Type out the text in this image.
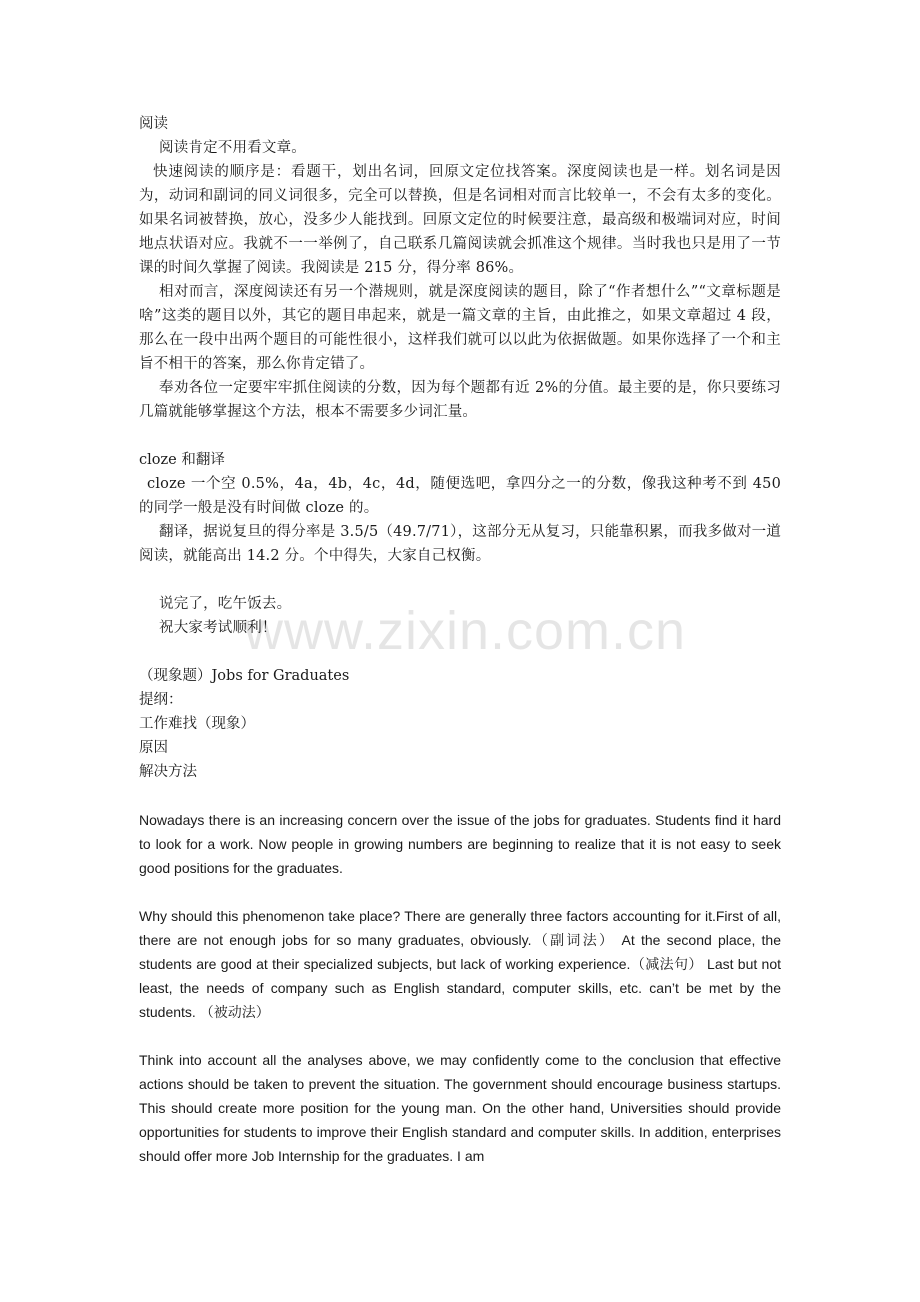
阅读

阅读肯定不用看文章。

快速阅读的顺序是：看题干，划出名词，回原文定位找答案。深度阅读也是一样。划名词是因为，动词和副词的同义词很多，完全可以替换，但是名词相对而言比较单一，不会有太多的变化。如果名词被替换，放心，没多少人能找到。回原文定位的时候要注意，最高级和极端词对应，时间地点状语对应。我就不一一举例了，自己联系几篇阅读就会抓准这个规律。当时我也只是用了一节课的时间久掌握了阅读。我阅读是 215 分，得分率 86%。

相对而言，深度阅读还有另一个潜规则，就是深度阅读的题目，除了“作者想什么”“文章标题是啥”这类的题目以外，其它的题目串起来，就是一篇文章的主旨，由此推之，如果文章超过 4 段，那么在一段中出两个题目的可能性很小，这样我们就可以以此为依据做题。如果你选择了一个和主旨不相干的答案，那么你肯定错了。

奉劝各位一定要牢牢抓住阅读的分数，因为每个题都有近 2%的分值。最主要的是，你只要练习几篇就能够掌握这个方法，根本不需要多少词汇量。

cloze 和翻译

cloze 一个空 0.5%，4a，4b，4c，4d，随便选吧，拿四分之一的分数，像我这种考不到 450 的同学一般是没有时间做 cloze 的。

翻译，据说复旦的得分率是 3.5/5（49.7/71），这部分无从复习，只能靠积累，而我多做对一道阅读，就能高出 14.2 分。个中得失，大家自己权衡。

说完了，吃午饭去。

祝大家考试顺利！

（现象题）Jobs for Graduates

提纲：

工作难找（现象）

原因

解决方法

Nowadays there is an increasing concern over the issue of the jobs for graduates. Students find it hard to look for a work. Now people in growing numbers are beginning to realize that it is not easy to seek good positions for the graduates.

Why should this phenomenon take place? There are generally three factors accounting for it.First of all, there are not enough jobs for so many graduates, obviously.（副词法） At the second place, the students are good at their specialized subjects, but lack of working experience.（减法句） Last but not least, the needs of company such as English standard, computer skills, etc. can’t be met by the students. （被动法）

Think into account all the analyses above, we may confidently come to the conclusion that effective actions should be taken to prevent the situation. The government should encourage business startups. This should create more position for the young man. On the other hand, Universities should provide opportunities for students to improve their English standard and computer skills. In addition, enterprises should offer more Job Internship for the graduates. I am

www.zixin.com.cn
